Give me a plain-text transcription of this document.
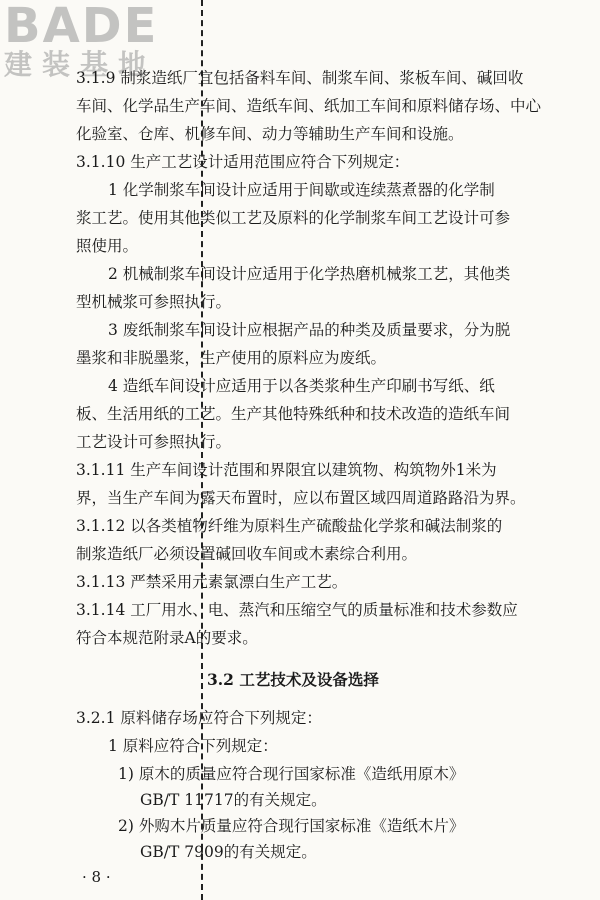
BADE
建装基地
3.1.9 制浆造纸厂宜包括备料车间、制浆车间、浆板车间、碱回收
车间、化学品生产车间、造纸车间、纸加工车间和原料储存场、中心
化验室、仓库、机修车间、动力等辅助生产车间和设施。
3.1.10 生产工艺设计适用范围应符合下列规定：
1 化学制浆车间设计应适用于间歇或连续蒸煮器的化学制
浆工艺。使用其他类似工艺及原料的化学制浆车间工艺设计可参
照使用。
2 机械制浆车间设计应适用于化学热磨机械浆工艺，其他类
型机械浆可参照执行。
3 废纸制浆车间设计应根据产品的种类及质量要求，分为脱
墨浆和非脱墨浆，生产使用的原料应为废纸。
4 造纸车间设计应适用于以各类浆种生产印刷书写纸、纸
板、生活用纸的工艺。生产其他特殊纸种和技术改造的造纸车间
工艺设计可参照执行。
3.1.11 生产车间设计范围和界限宜以建筑物、构筑物外1米为
界，当生产车间为露天布置时，应以布置区域四周道路路沿为界。
3.1.12 以各类植物纤维为原料生产硫酸盐化学浆和碱法制浆的
制浆造纸厂必须设置碱回收车间或木素综合利用。
3.1.13 严禁采用元素氯漂白生产工艺。
3.1.14 工厂用水、电、蒸汽和压缩空气的质量标准和技术参数应
符合本规范附录A的要求。
3.2 工艺技术及设备选择
3.2.1 原料储存场应符合下列规定：
1 原料应符合下列规定：
1) 原木的质量应符合现行国家标准《造纸用原木》
GB/T 11717的有关规定。
2) 外购木片质量应符合现行国家标准《造纸木片》
GB/T 7909的有关规定。
· 8 ·
